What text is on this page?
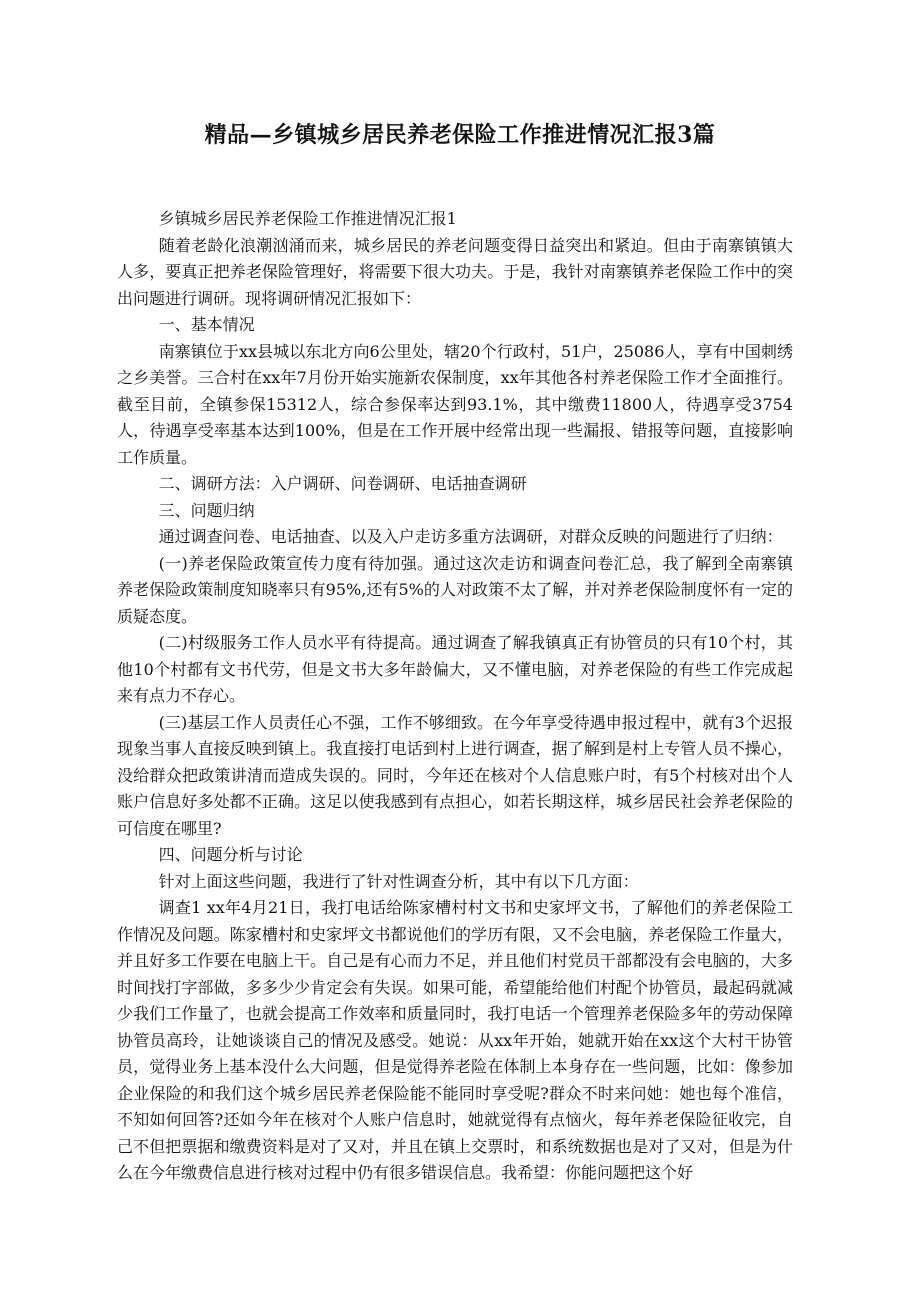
精品—乡镇城乡居民养老保险工作推进情况汇报3篇

乡镇城乡居民养老保险工作推进情况汇报1

随着老龄化浪潮汹涌而来，城乡居民的养老问题变得日益突出和紧迫。但由于南寨镇镇大人多，要真正把养老保险管理好，将需要下很大功夫。于是，我针对南寨镇养老保险工作中的突出问题进行调研。现将调研情况汇报如下：

一、基本情况

南寨镇位于xx县城以东北方向6公里处，辖20个行政村，51户，25086人，享有中国刺绣之乡美誉。三合村在xx年7月份开始实施新农保制度，xx年其他各村养老保险工作才全面推行。截至目前，全镇参保15312人，综合参保率达到93.1%，其中缴费11800人，待遇享受3754人，待遇享受率基本达到100%，但是在工作开展中经常出现一些漏报、错报等问题，直接影响工作质量。

二、调研方法：入户调研、问卷调研、电话抽查调研

三、问题归纳

通过调查问卷、电话抽查、以及入户走访多重方法调研，对群众反映的问题进行了归纳：

(一)养老保险政策宣传力度有待加强。通过这次走访和调查问卷汇总，我了解到全南寨镇养老保险政策制度知晓率只有95%,还有5%的人对政策不太了解，并对养老保险制度怀有一定的质疑态度。

(二)村级服务工作人员水平有待提高。通过调查了解我镇真正有协管员的只有10个村，其他10个村都有文书代劳，但是文书大多年龄偏大，又不懂电脑，对养老保险的有些工作完成起来有点力不存心。

(三)基层工作人员责任心不强，工作不够细致。在今年享受待遇申报过程中，就有3个迟报现象当事人直接反映到镇上。我直接打电话到村上进行调查，据了解到是村上专管人员不操心，没给群众把政策讲清而造成失误的。同时，今年还在核对个人信息账户时，有5个村核对出个人账户信息好多处都不正确。这足以使我感到有点担心，如若长期这样，城乡居民社会养老保险的可信度在哪里?

四、问题分析与讨论

针对上面这些问题，我进行了针对性调查分析，其中有以下几方面：

调查1 xx年4月21日，我打电话给陈家槽村村文书和史家坪文书，了解他们的养老保险工作情况及问题。陈家槽村和史家坪文书都说他们的学历有限，又不会电脑，养老保险工作量大，并且好多工作要在电脑上干。自己是有心而力不足，并且他们村党员干部都没有会电脑的，大多时间找打字部做，多多少少肯定会有失误。如果可能，希望能给他们村配个协管员，最起码就减少我们工作量了，也就会提高工作效率和质量同时，我打电话一个管理养老保险多年的劳动保障协管员高玲，让她谈谈自己的情况及感受。她说：从xx年开始，她就开始在xx这个大村干协管员，觉得业务上基本没什么大问题，但是觉得养老险在体制上本身存在一些问题，比如：像参加企业保险的和我们这个城乡居民养老保险能不能同时享受呢?群众不时来问她：她也每个准信，不知如何回答?还如今年在核对个人账户信息时，她就觉得有点恼火，每年养老保险征收完，自己不但把票据和缴费资料是对了又对，并且在镇上交票时，和系统数据也是对了又对，但是为什么在今年缴费信息进行核对过程中仍有很多错误信息。我希望：你能问题把这个好
